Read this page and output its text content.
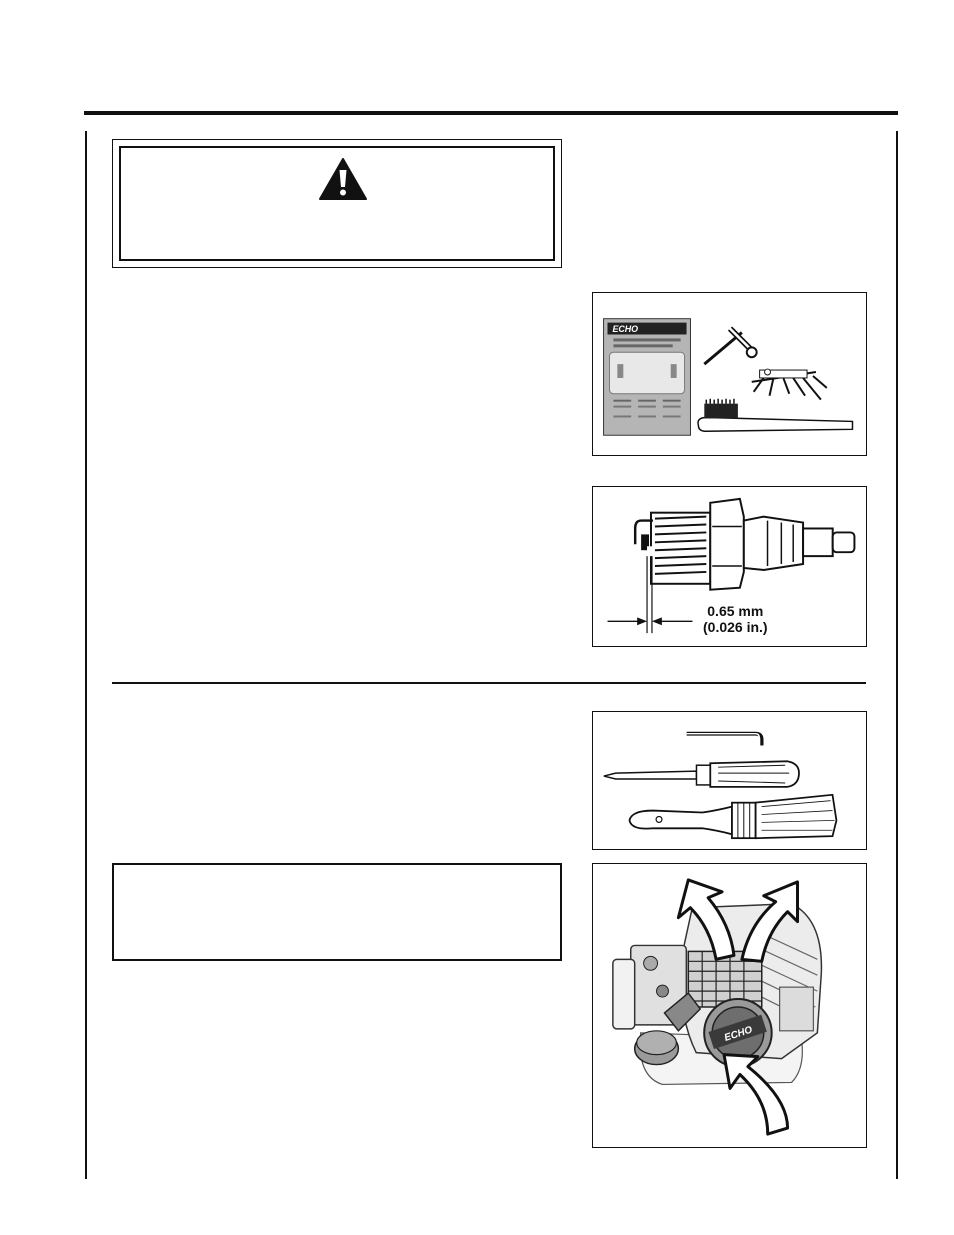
ECHO
0.65 mm
(0.026 in.)
ECHO
